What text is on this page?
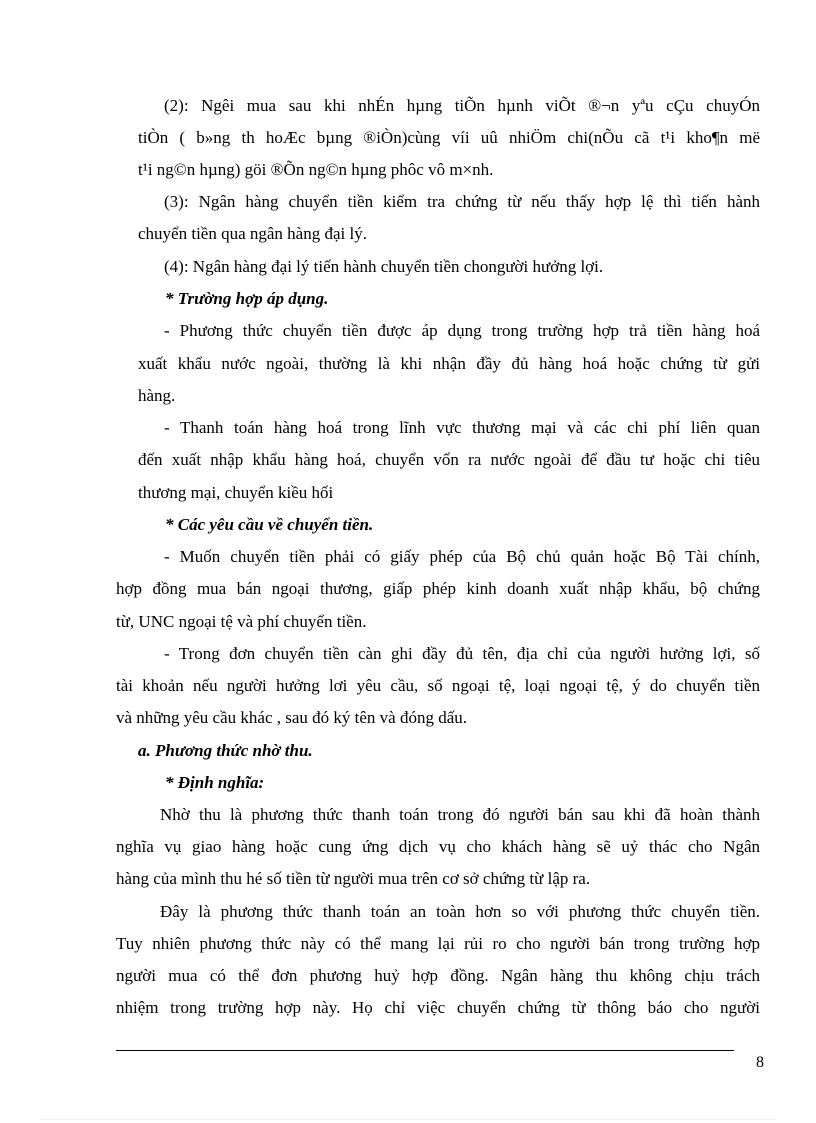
(2): Ngêi mua sau khi nhÉn hµng tiÕn hµnh viÕt ®¬n yªu cÇu chuyÓn
tiÒn ( b»ng th hoÆc bµng ®iÒn)cùng víi uû nhiÖm chi(nÕu cã t¹i kho¶n më
t¹i ng©n hµng) göi ®Õn ng©n hµng phôc vô m×nh.
(3): Ngân hàng chuyển tiền kiểm tra chứng từ nếu thấy hợp lệ thì tiến hành
chuyển tiền qua ngân hàng đại lý.
(4): Ngân hàng đại lý tiến hành chuyển tiền chongười hưởng lợi.
* Trường hợp áp dụng.
- Phương thức chuyển tiền được áp dụng trong trường hợp trả tiền hàng hoá
xuất khẩu nước ngoài, thường là khi nhận đầy đủ hàng hoá hoặc chứng từ gửi
hàng.
- Thanh toán hàng hoá trong lĩnh vực thương mại và các chi phí liên quan
đến xuất nhập khẩu hàng hoá, chuyển vốn ra nước ngoài để đầu tư hoặc chi tiêu
thương mại, chuyển kiều hối
* Các yêu cầu về chuyển tiền.
- Muốn chuyển tiền phải có giấy phép của Bộ chủ quản hoặc Bộ Tài chính,
hợp đồng mua bán ngoại thương, giấp phép kinh doanh xuất nhập khẩu, bộ chứng
từ, UNC ngoại tệ và phí chuyển tiền.
- Trong đơn chuyển tiền càn ghi đầy đủ tên, địa chỉ của người hưởng lợi, số
tài khoản nếu người hưởng lơi yêu cầu, số ngoại tệ, loại ngoại tệ, ý do chuyển tiền
và những yêu cầu khác , sau đó ký tên và đóng dấu.
a. Phương thức nhờ thu.
* Định nghĩa:
Nhờ thu là phương thức thanh toán trong đó người bán sau khi đã hoàn thành
nghĩa vụ giao hàng hoặc cung ứng dịch vụ cho khách hàng sẽ uỷ thác cho Ngân
hàng của mình thu hé số tiền từ người mua trên cơ sở chứng từ lập ra.
Đây là phương thức thanh toán an toàn hơn so với phương thức chuyển tiền.
Tuy nhiên phương thức này có thể mang lại rủi ro cho người bán trong trường hợp
người mua có thể đơn phương huỷ hợp đồng. Ngân hàng thu không chịu trách
nhiệm trong trường hợp này. Họ chỉ việc chuyển chứng từ thông báo cho người
8
